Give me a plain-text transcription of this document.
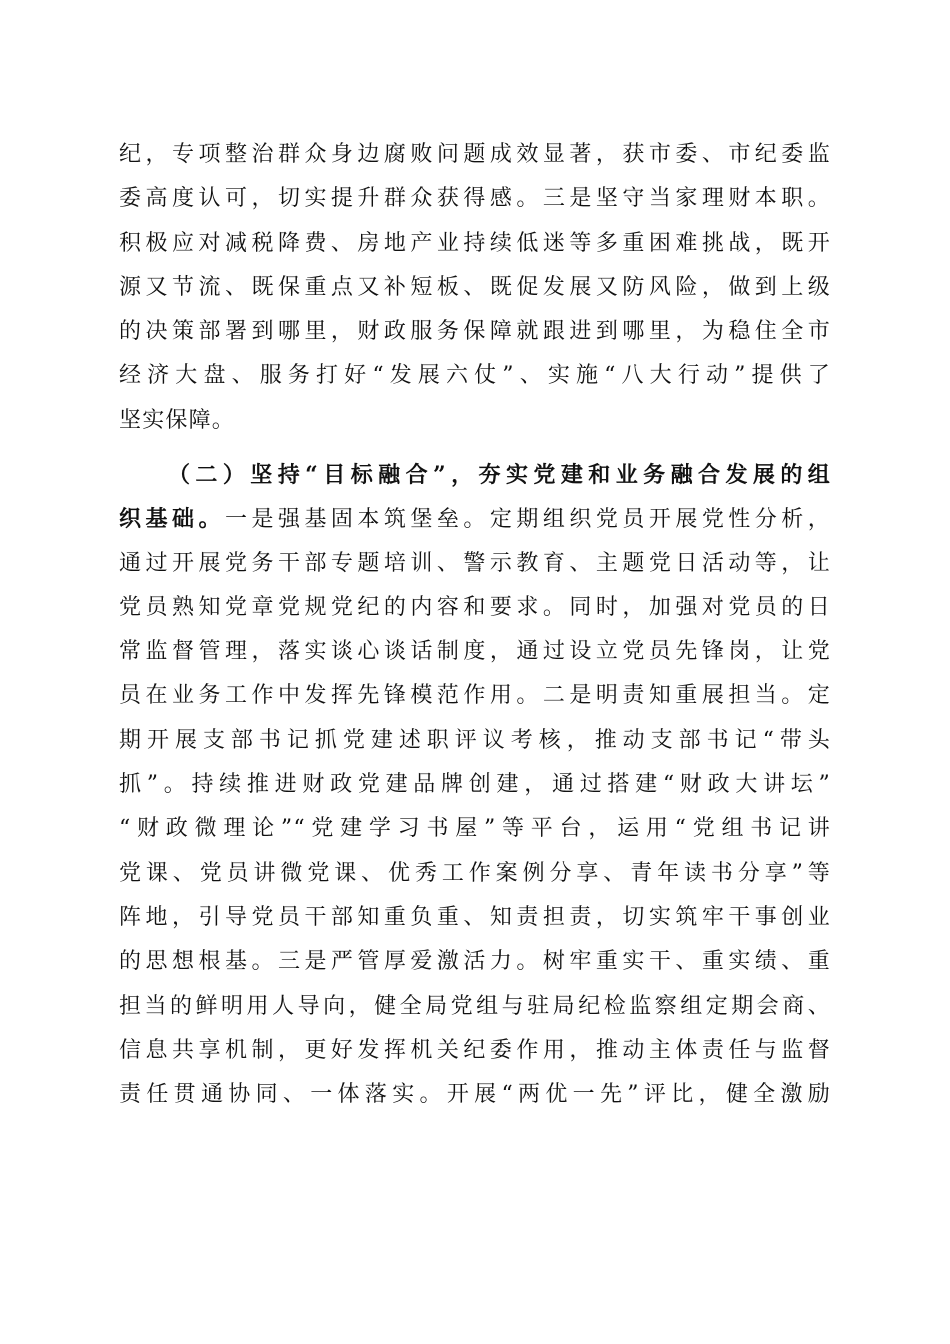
纪，专项整治群众身边腐败问题成效显著，获市委、市纪委监
委高度认可，切实提升群众获得感。三是坚守当家理财本职。
积极应对减税降费、房地产业持续低迷等多重困难挑战，既开
源又节流、既保重点又补短板、既促发展又防风险，做到上级
的决策部署到哪里，财政服务保障就跟进到哪里，为稳住全市
经济大盘、服务打好“发展六仗”、实施“八大行动”提供了
坚实保障。
（二）坚持“目标融合”，夯实党建和业务融合发展的组
织基础。一是强基固本筑堡垒。定期组织党员开展党性分析，
通过开展党务干部专题培训、警示教育、主题党日活动等，让
党员熟知党章党规党纪的内容和要求。同时，加强对党员的日
常监督管理，落实谈心谈话制度，通过设立党员先锋岗，让党
员在业务工作中发挥先锋模范作用。二是明责知重展担当。定
期开展支部书记抓党建述职评议考核，推动支部书记“带头
抓”。持续推进财政党建品牌创建，通过搭建“财政大讲坛”
“财政微理论”“党建学习书屋”等平台，运用“党组书记讲
党课、党员讲微党课、优秀工作案例分享、青年读书分享”等
阵地，引导党员干部知重负重、知责担责，切实筑牢干事创业
的思想根基。三是严管厚爱激活力。树牢重实干、重实绩、重
担当的鲜明用人导向，健全局党组与驻局纪检监察组定期会商、
信息共享机制，更好发挥机关纪委作用，推动主体责任与监督
责任贯通协同、一体落实。开展“两优一先”评比，健全激励
